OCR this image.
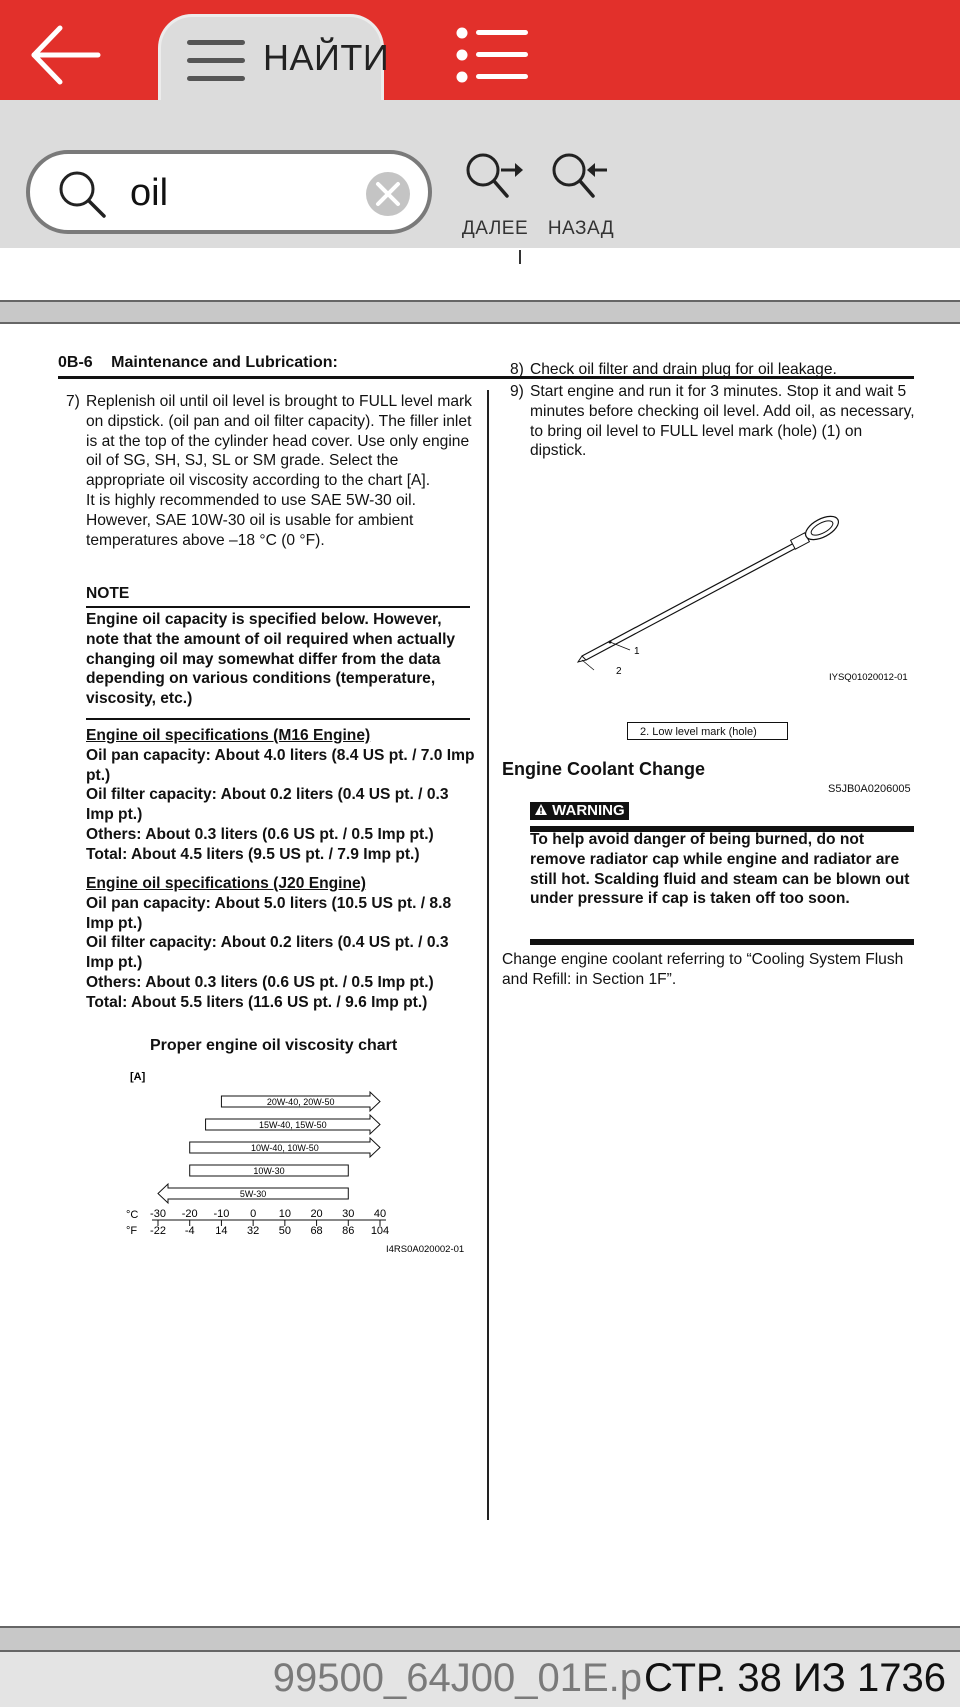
НАЙТИ
oil
ДАЛЕЕ	НАЗАД
0B-6 Maintenance and Lubrication:
7) Replenish oil until oil level is brought to FULL level mark on dipstick. (oil pan and oil filter capacity). The filler inlet is at the top of the cylinder head cover. Use only engine oil of SG, SH, SJ, SL or SM grade. Select the appropriate oil viscosity according to the chart [A].
It is highly recommended to use SAE 5W-30 oil. However, SAE 10W-30 oil is usable for ambient temperatures above –18 °C (0 °F).
NOTE
Engine oil capacity is specified below. However, note that the amount of oil required when actually changing oil may somewhat differ from the data depending on various conditions (temperature, viscosity, etc.)
Engine oil specifications (M16 Engine)
Oil pan capacity: About 4.0 liters (8.4 US pt. / 7.0 Imp pt.)
Oil filter capacity: About 0.2 liters (0.4 US pt. / 0.3 Imp pt.)
Others: About 0.3 liters (0.6 US pt. / 0.5 Imp pt.)
Total: About 4.5 liters (9.5 US pt. / 7.9 Imp pt.)
Engine oil specifications (J20 Engine)
Oil pan capacity: About 5.0 liters (10.5 US pt. / 8.8 Imp pt.)
Oil filter capacity: About 0.2 liters (0.4 US pt. / 0.3 Imp pt.)
Others: About 0.3 liters (0.6 US pt. / 0.5 Imp pt.)
Total: About 5.5 liters (11.6 US pt. / 9.6 Imp pt.)
Proper engine oil viscosity chart
[A]
20W-40, 20W-50
15W-40, 15W-50
10W-40, 10W-50
10W-30
5W-30
-30
-22
-20
-4
-10
14
0
32
10
50
20
68
30
86
40
104
°C
°F
I4RS0A020002-01
8) Check oil filter and drain plug for oil leakage.
9) Start engine and run it for 3 minutes. Stop it and wait 5 minutes before checking oil level. Add oil, as necessary, to bring oil level to FULL level mark (hole) (1) on dipstick.
1
2
IYSQ01020012-01
2. Low level mark (hole)
Engine Coolant Change
S5JB0A0206005
WARNING
To help avoid danger of being burned, do not remove radiator cap while engine and radiator are still hot. Scalding fluid and steam can be blown out under pressure if cap is taken off too soon.
Change engine coolant referring to “Cooling System Flush and Refill: in Section 1F”.
99500_64J00_01E.p СТР. 38 ИЗ 1736
